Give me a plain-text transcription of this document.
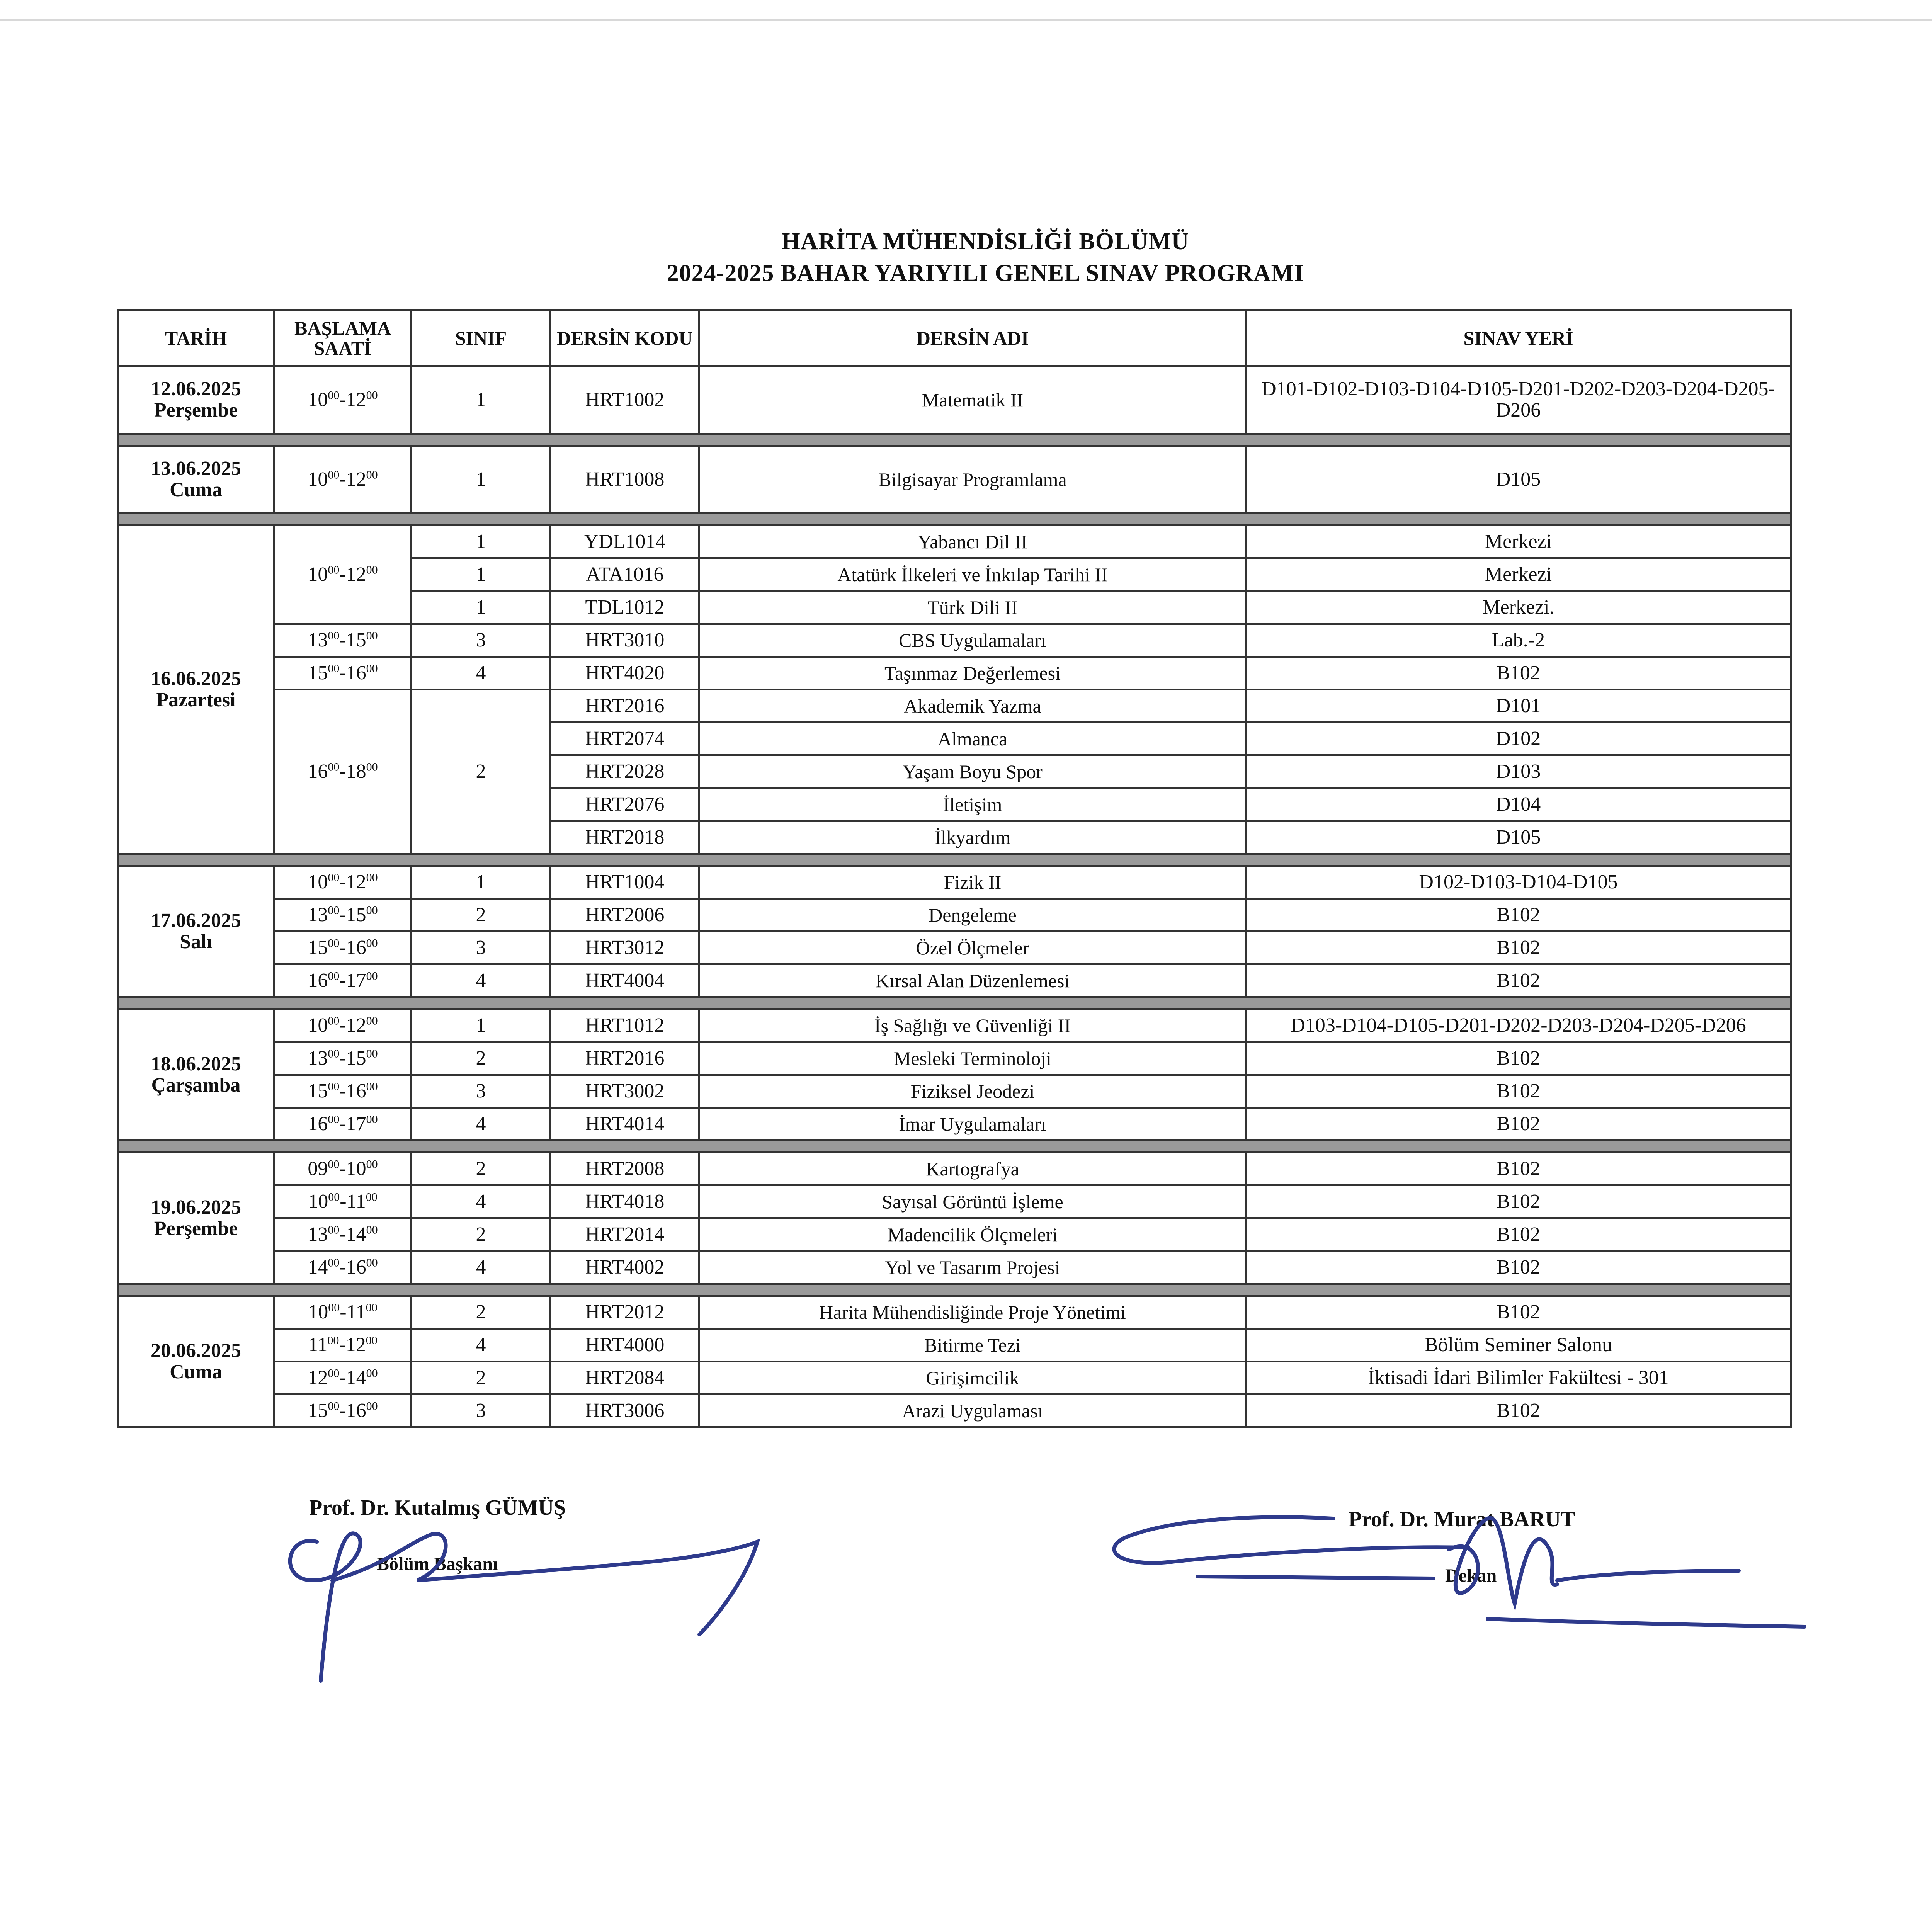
HARİTA MÜHENDİSLİĞİ BÖLÜMÜ
2024-2025 BAHAR YARIYILI GENEL SINAV PROGRAMI
TARİH	BAŞLAMA SAATİ	SINIF	DERSİN KODU	DERSİN ADI	SINAV YERİ

12.06.2025
Perşembe	$10^{00}-12^{00}$	1	HRT1002	Matematik II	D101-D102-D103-D104-D105-D201-D202-D203-D204-D205-D206

13.06.2025
Cuma	$10^{00}-12^{00}$	1	HRT1008	Bilgisayar Programlama	D105

16.06.2025
Pazartesi	$10^{00}-12^{00}$	1	YDL1014	Yabancı Dil II	Merkezi
		1	ATA1016	Atatürk İlkeleri ve İnkılap Tarihi II	Merkezi
		1	TDL1012	Türk Dili II	Merkezi.
	$13^{00}-15^{00}$	3	HRT3010	CBS Uygulamaları	Lab.-2
	$15^{00}-16^{00}$	4	HRT4020	Taşınmaz Değerlemesi	B102
	$16^{00}-18^{00}$	2	HRT2016	Akademik Yazma	D101
			HRT2074	Almanca	D102
			HRT2028	Yaşam Boyu Spor	D103
			HRT2076	İletişim	D104
			HRT2018	İlkyardım	D105

17.06.2025
Salı	$10^{00}-12^{00}$	1	HRT1004	Fizik II	D102-D103-D104-D105
	$13^{00}-15^{00}$	2	HRT2006	Dengeleme	B102
	$15^{00}-16^{00}$	3	HRT3012	Özel Ölçmeler	B102
	$16^{00}-17^{00}$	4	HRT4004	Kırsal Alan Düzenlemesi	B102

18.06.2025
Çarşamba	$10^{00}-12^{00}$	1	HRT1012	İş Sağlığı ve Güvenliği II	D103-D104-D105-D201-D202-D203-D204-D205-D206
	$13^{00}-15^{00}$	2	HRT2016	Mesleki Terminoloji	B102
	$15^{00}-16^{00}$	3	HRT3002	Fiziksel Jeodezi	B102
	$16^{00}-17^{00}$	4	HRT4014	İmar Uygulamaları	B102

19.06.2025
Perşembe	$09^{00}-10^{00}$	2	HRT2008	Kartografya	B102
	$10^{00}-11^{00}$	4	HRT4018	Sayısal Görüntü İşleme	B102
	$13^{00}-14^{00}$	2	HRT2014	Madencilik Ölçmeleri	B102
	$14^{00}-16^{00}$	4	HRT4002	Yol ve Tasarım Projesi	B102

20.06.2025
Cuma	$10^{00}-11^{00}$	2	HRT2012	Harita Mühendisliğinde Proje Yönetimi	B102
	$11^{00}-12^{00}$	4	HRT4000	Bitirme Tezi	Bölüm Seminer Salonu
	$12^{00}-14^{00}$	2	HRT2084	Girişimcilik	İktisadi İdari Bilimler Fakültesi - 301
	$15^{00}-16^{00}$	3	HRT3006	Arazi Uygulaması	B102
Prof. Dr. Kutalmış GÜMÜŞ
Bölüm Başkanı
Prof. Dr. Murat BARUT
Dekan
